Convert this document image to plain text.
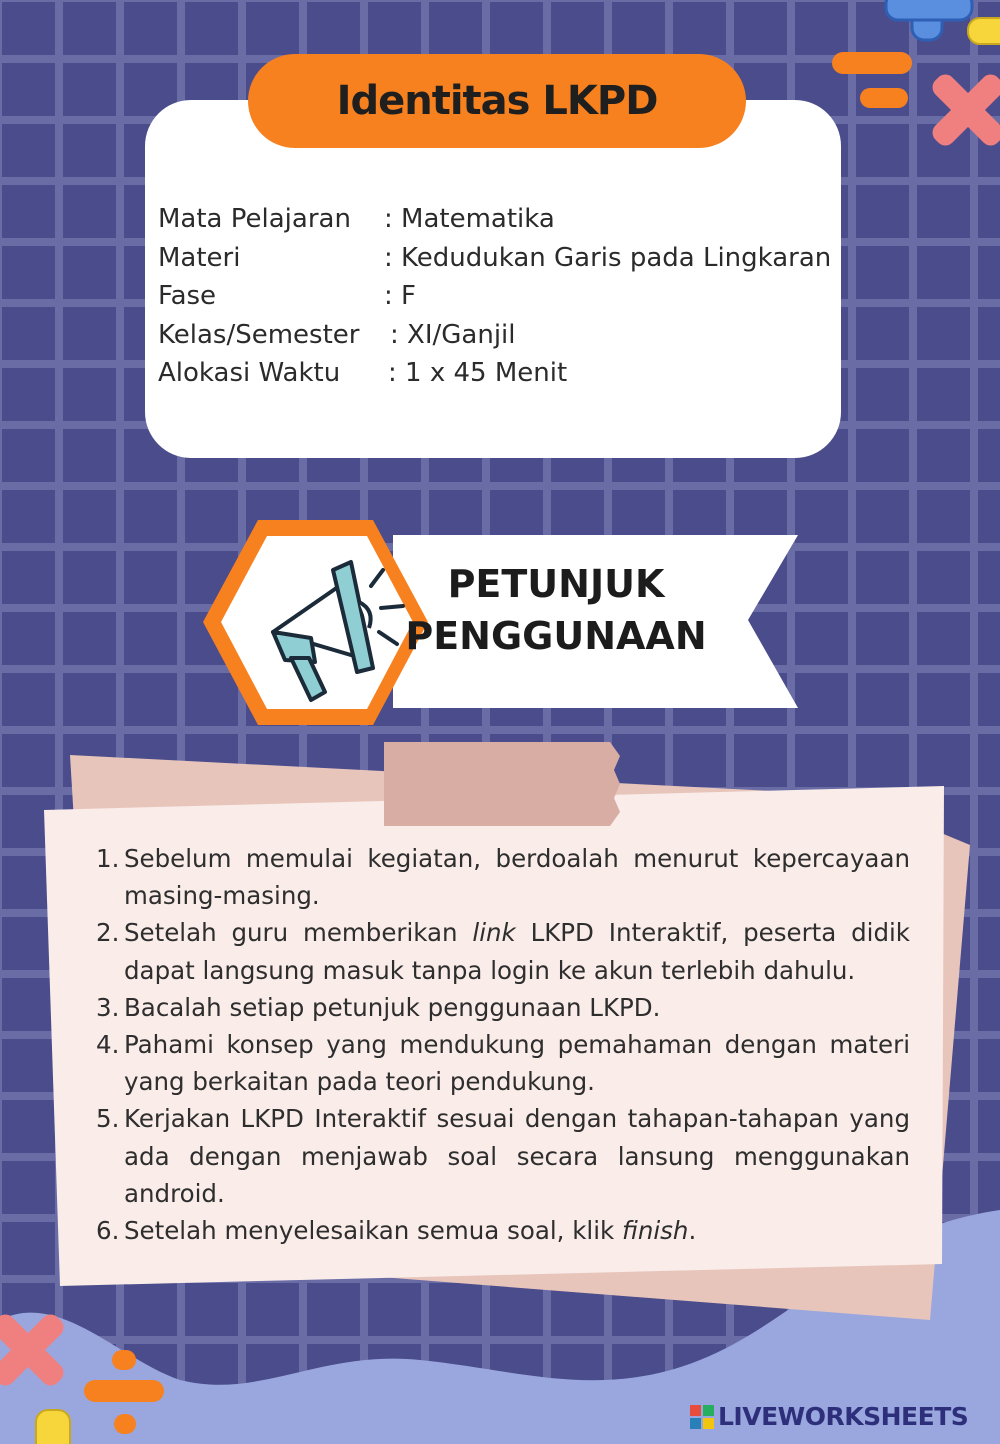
Identitas LKPD
Mata Pelajaran : Matematika
Materi	: Kedudukan Garis pada Lingkaran
Fase	: F
Kelas/Semester : XI/Ganjil
Alokasi Waktu : 1 x 45 Menit
PETUNJUK
PENGGUNAAN
1. Sebelum memulai kegiatan, berdoalah menurut kepercayaan masing-masing.
2. Setelah guru memberikan link LKPD Interaktif, peserta didik dapat langsung masuk tanpa login ke akun terlebih dahulu.
3. Bacalah setiap petunjuk penggunaan LKPD.
4. Pahami konsep yang mendukung pemahaman dengan materi yang berkaitan pada teori pendukung.
5. Kerjakan LKPD Interaktif sesuai dengan tahapan-tahapan yang ada dengan menjawab soal secara lansung menggunakan android.
6. Setelah menyelesaikan semua soal, klik finish.
LIVEWORKSHEETS
